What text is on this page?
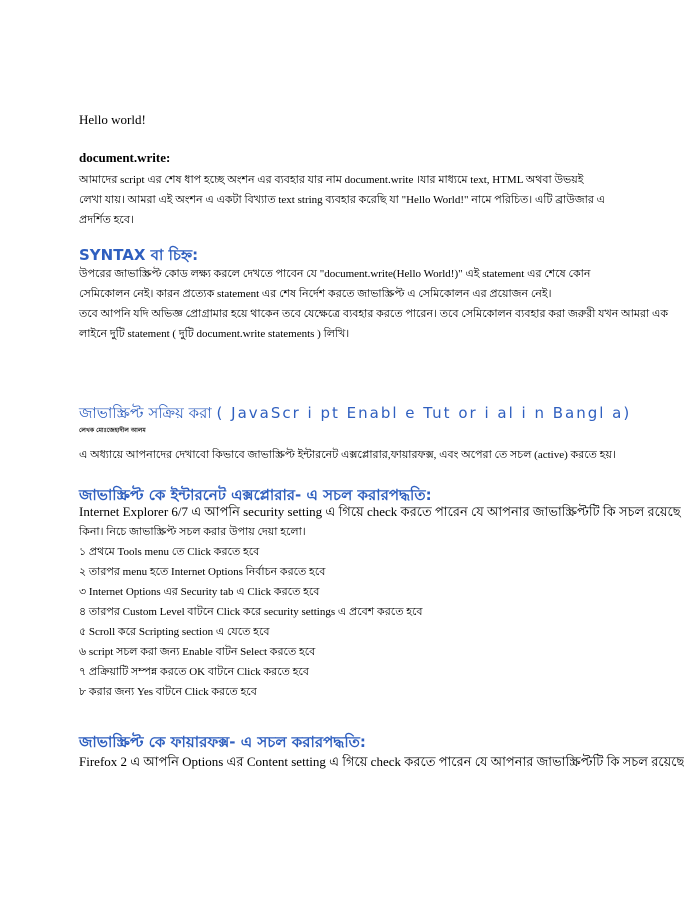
Hello world!
document.write:
আমাদের script এর শেষ ধাপ হচ্ছে অংশন এর ব্যবহার যার নাম document.write ।যার মাধ্যমে text, HTML অথবা উভয়ই
লেখা যায়। আমরা এই অংশন এ একটা বিখ্যাত text string ব্যবহার করেছি যা "Hello World!" নামে পরিচিত। এটি ব্রাউজার এ
প্রদর্শিত হবে।
SYNTAX বা চিহ্ন:
উপরের জাভাস্ক্রিপ্ট কোড লক্ষ্য করলে দেখতে পাবেন যে "document.write(Hello World!)" এই statement এর শেষে কোন
সেমিকোলন নেই। কারন প্রত্যেক statement এর শেষ নির্দেশ করতে জাভাস্ক্রিপ্ট এ সেমিকোলন এর প্রয়োজন নেই।
তবে আপনি যদি অভিজ্ঞ প্রোগ্রামার হয়ে থাকেন তবে যেক্ষেত্রে ব্যবহার করতে পারেন। তবে সেমিকোলন ব্যবহার করা জরুরী যখন আমরা এক
লাইনে দুটি statement ( দুটি document.write statements ) লিখি।
জাভাস্ক্রিপ্ট সক্রিয় করা ( JavaScr i pt Enabl e Tut or i al i n Bangl a)
লেখক মোঃজেহাদীল আলম
এ অধ্যায়ে আপনাদের দেখাবো কিভাবে জাভাস্ক্রিপ্ট ইন্টারনেট এক্সপ্লোরার,ফায়ারফক্স, এবং অপেরা তে সচল (active) করতে হয়।
জাভাস্ক্রিপ্ট কে ইন্টারনেট এক্সপ্লোরার- এ সচল করারপদ্ধতি:
Internet Explorer 6/7 এ আপনি security setting এ গিয়ে check করতে পারেন যে আপনার জাভাস্ক্রিপ্টটি কি সচল রয়েছে
কিনা। নিচে জাভাস্ক্রিপ্ট সচল করার উপায় দেয়া হলো।
১ প্রথমে Tools menu তে Click করতে হবে
২ তারপর menu হতে Internet Options নির্বাচন করতে হবে
৩ Internet Options এর Security tab এ Click করতে হবে
৪ তারপর Custom Level বাটনে Click করে security settings এ প্রবেশ করতে হবে
৫ Scroll করে Scripting section এ যেতে হবে
৬ script সচল করা জন্য Enable বাটন Select করতে হবে
৭ প্রক্রিয়াটি সম্পন্ন করতে OK বাটনে Click করতে হবে
৮ করার জন্য Yes বাটনে Click করতে হবে
জাভাস্ক্রিপ্ট কে ফায়ারফক্স- এ সচল করারপদ্ধতি:
Firefox 2 এ আপনি Options এর Content setting এ গিয়ে check করতে পারেন যে আপনার জাভাস্ক্রিপ্টটি কি সচল রয়েছে
